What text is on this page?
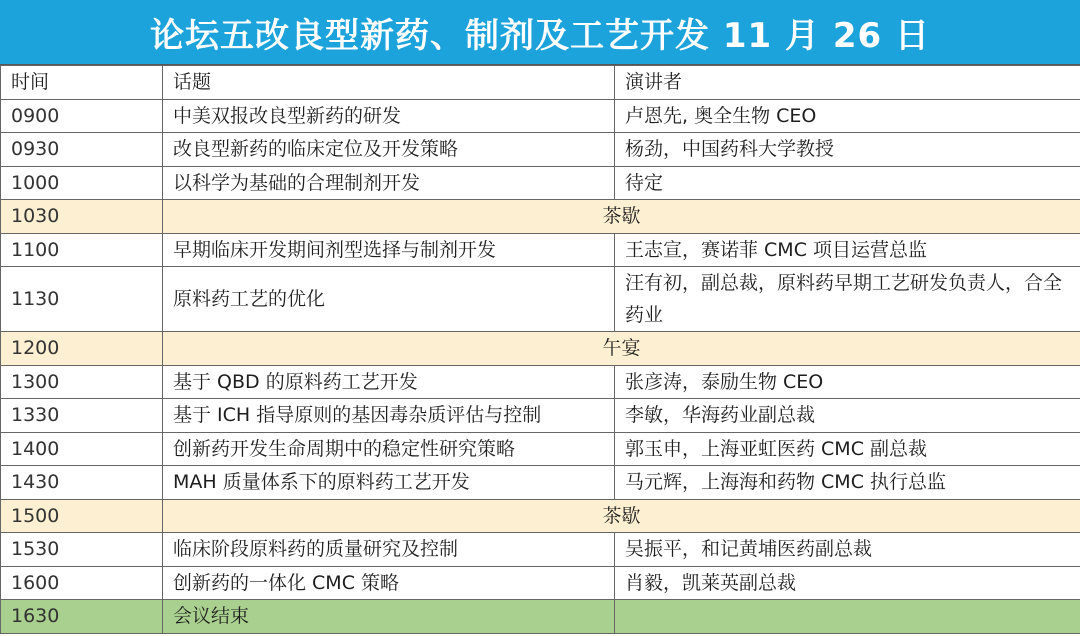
论坛五改良型新药、制剂及工艺开发 11 月 26 日
时间	话题	演讲者
0900	中美双报改良型新药的研发	卢恩先, 奥全生物 CEO
0930	改良型新药的临床定位及开发策略	杨劲，中国药科大学教授
1000	以科学为基础的合理制剂开发	待定
1030	茶歇	
1100	早期临床开发期间剂型选择与制剂开发	王志宣，赛诺菲 CMC 项目运营总监
1130	原料药工艺的优化	汪有初，副总裁，原料药早期工艺研发负责人，合全药业
1200	午宴	
1300	基于 QBD 的原料药工艺开发	张彦涛，泰励生物 CEO
1330	基于 ICH 指导原则的基因毒杂质评估与控制	李敏，华海药业副总裁
1400	创新药开发生命周期中的稳定性研究策略	郭玉申，上海亚虹医药 CMC 副总裁
1430	MAH 质量体系下的原料药工艺开发	马元辉，上海海和药物 CMC 执行总监
1500	茶歇	
1530	临床阶段原料药的质量研究及控制	吴振平，和记黄埔医药副总裁
1600	创新药的一体化 CMC 策略	肖毅，凯莱英副总裁
1630	会议结束	
